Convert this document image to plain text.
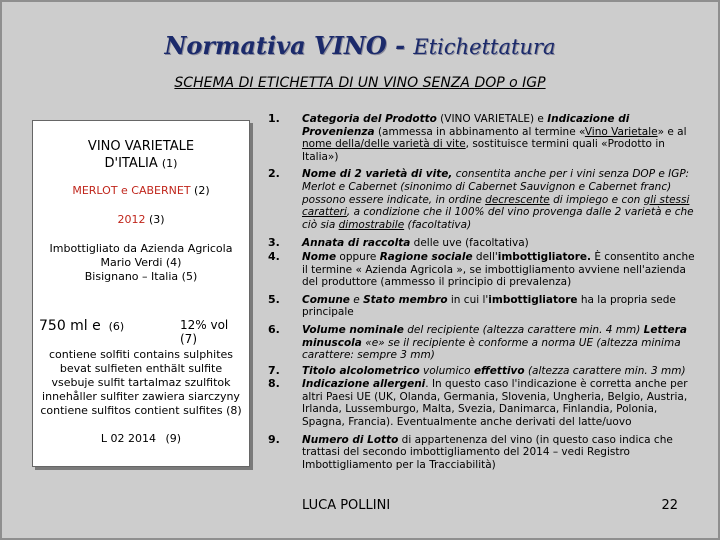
Normativa VINO - Etichettatura
SCHEMA DI ETICHETTA DI UN VINO SENZA DOP o IGP
VINO VARIETALE
D'ITALIA (1)
MERLOT e CABERNET (2)
2012 (3)
Imbottigliato da Azienda Agricola
Mario Verdi (4)
Bisignano – Italia (5)
750 ml e (6)	12% vol (7)
contiene solfiti contains sulphites
bevat sulfieten enthält sulfite
vsebuje sulfit tartalmaz szulfitok
innehåller sulfiter zawiera siarczyny
contiene sulfitos contient sulfites (8)
L 02 2014 (9)
1. Categoria del Prodotto (VINO VARIETALE) e Indicazione di Provenienza (ammessa in abbinamento al termine «Vino Varietale» e al nome della/delle varietà di vite, sostituisce termini quali «Prodotto in Italia»)
2. Nome di 2 varietà di vite, consentita anche per i vini senza DOP e IGP: Merlot e Cabernet (sinonimo di Cabernet Sauvignon e Cabernet franc) possono essere indicate, in ordine decrescente di impiego e con gli stessi caratteri, a condizione che il 100% del vino provenga dalle 2 varietà e che ciò sia dimostrabile (facoltativa)
3. Annata di raccolta delle uve (facoltativa)
4. Nome oppure Ragione sociale dell'imbottigliatore. È consentito anche il termine « Azienda Agricola », se imbottigliamento avviene nell'azienda del produttore (ammesso il principio di prevalenza)
5. Comune e Stato membro in cui l'imbottigliatore ha la propria sede principale
6. Volume nominale del recipiente (altezza carattere min. 4 mm) Lettera minuscola «e» se il recipiente è conforme a norma UE (altezza minima carattere: sempre 3 mm)
7. Titolo alcolometrico volumico effettivo (altezza carattere min. 3 mm)
8. Indicazione allergeni. In questo caso l'indicazione è corretta anche per altri Paesi UE (UK, Olanda, Germania, Slovenia, Ungheria, Belgio, Austria, Irlanda, Lussemburgo, Malta, Svezia, Danimarca, Finlandia, Polonia, Spagna, Francia). Eventualmente anche derivati del latte/uovo
9. Numero di Lotto di appartenenza del vino (in questo caso indica che trattasi del secondo imbottigliamento del 2014 – vedi Registro Imbottigliamento per la Tracciabilità)
LUCA POLLINI	22
